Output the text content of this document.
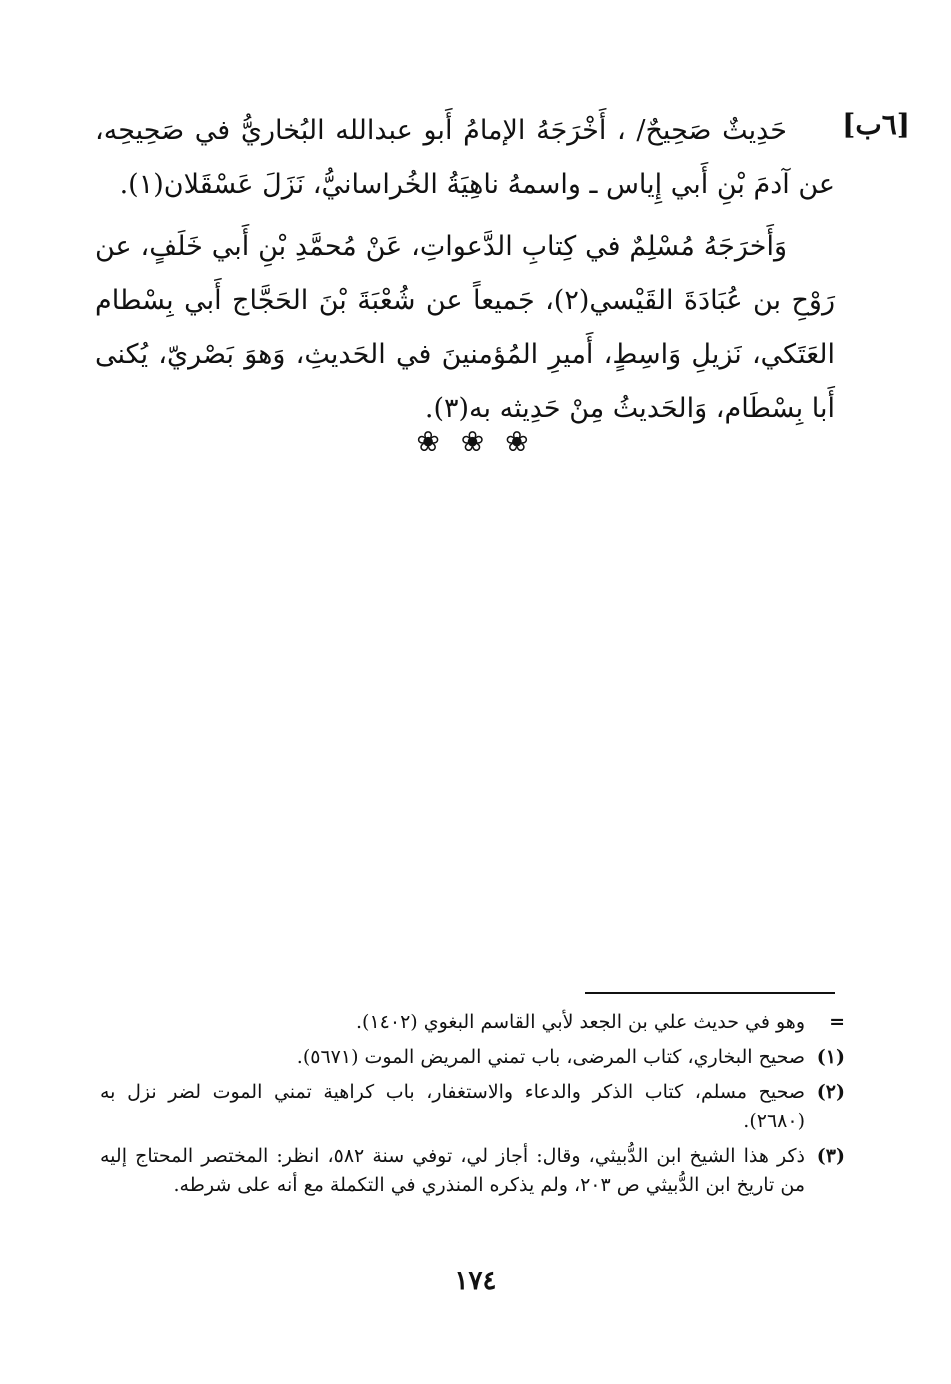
[٦ب]

حَدِيثٌ صَحِيحٌ/ ، أَخْرَجَهُ الإمامُ أَبو عبدالله البُخاريُّ في صَحِيحِه، عن آدمَ بْنِ أَبي إِياس ـ واسمهُ ناهِيَةُ الخُراسانيُّ، نَزَلَ عَسْقَلان(١).

وَأَخرَجَهُ مُسْلِمٌ في كِتابِ الدَّعواتِ، عَنْ مُحمَّدِ بْنِ أَبي خَلَفٍ، عن رَوْحِ بن عُبَادَةَ القَيْسي(٢)، جَميعاً عن شُعْبَةَ بْنَ الحَجَّاج أَبي بِسْطام العَتَكي، نَزيلِ وَاسِطٍ، أَميرِ المُؤمنينَ في الحَديثِ، وَهوَ بَصْريّ، يُكنى أَبا بِسْطَام، وَالحَديثُ مِنْ حَدِيثه به(٣).

❀ ❀ ❀
=
وهو في حديث علي بن الجعد لأبي القاسم البغوي (١٤٠٢).
(١)
صحيح البخاري، كتاب المرضى، باب تمني المريض الموت (٥٦٧١).
(٢)
صحيح مسلم، كتاب الذكر والدعاء والاستغفار، باب كراهية تمني الموت لضر نزل به (٢٦٨٠).
(٣)
ذكر هذا الشيخ ابن الدُّبيثي، وقال: أجاز لي، توفي سنة ٥٨٢، انظر: المختصر المحتاج إليه من تاريخ ابن الدُّبيثي ص ٢٠٣، ولم يذكره المنذري في التكملة مع أنه على شرطه.
١٧٤
